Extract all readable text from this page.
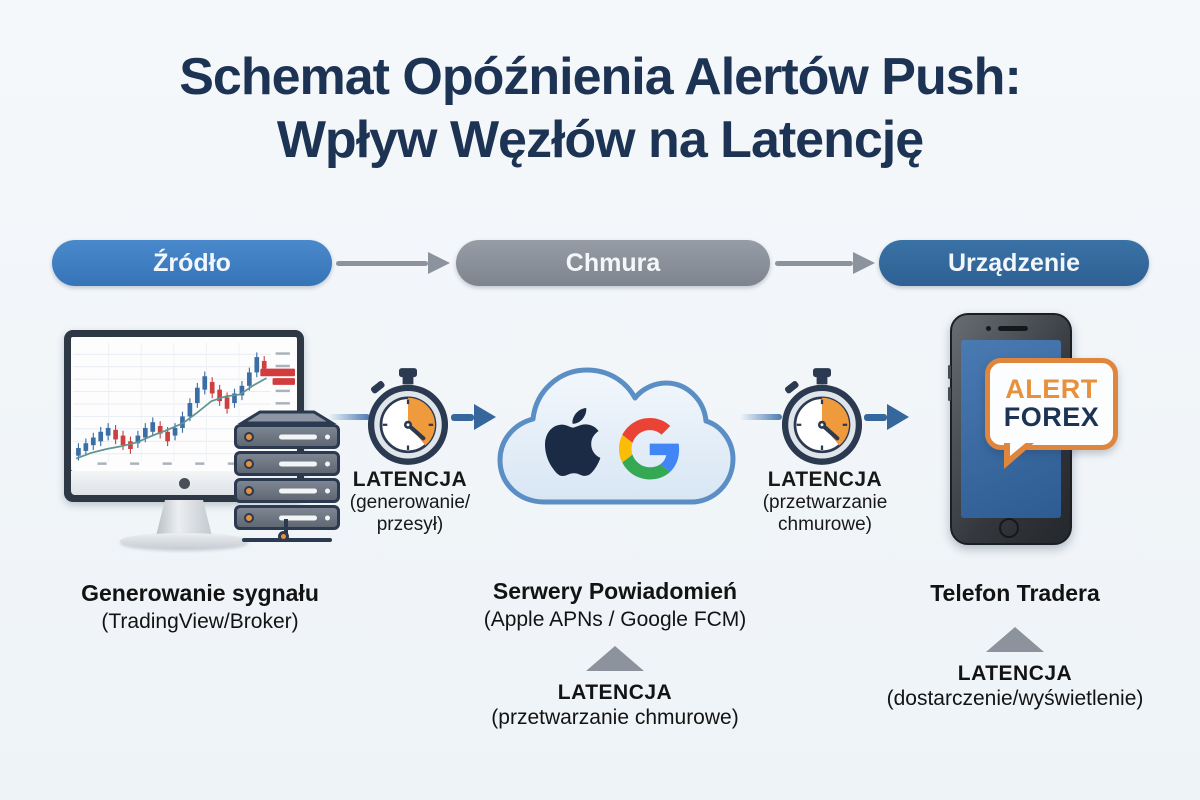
Schemat Opóźnienia Alertów Push:
Wpływ Węzłów na Latencję
Źródło	Chmura	Urządzenie
LATENCJA
(generowanie/
przesył)
LATENCJA
(przetwarzanie
chmurowe)
ALERT
FOREX
Generowanie sygnału
(TradingView/Broker)
Serwery Powiadomień
(Apple APNs / Google FCM)
LATENCJA
(przetwarzanie chmurowe)
Telefon Tradera
LATENCJA
(dostarczenie/wyświetlenie)
